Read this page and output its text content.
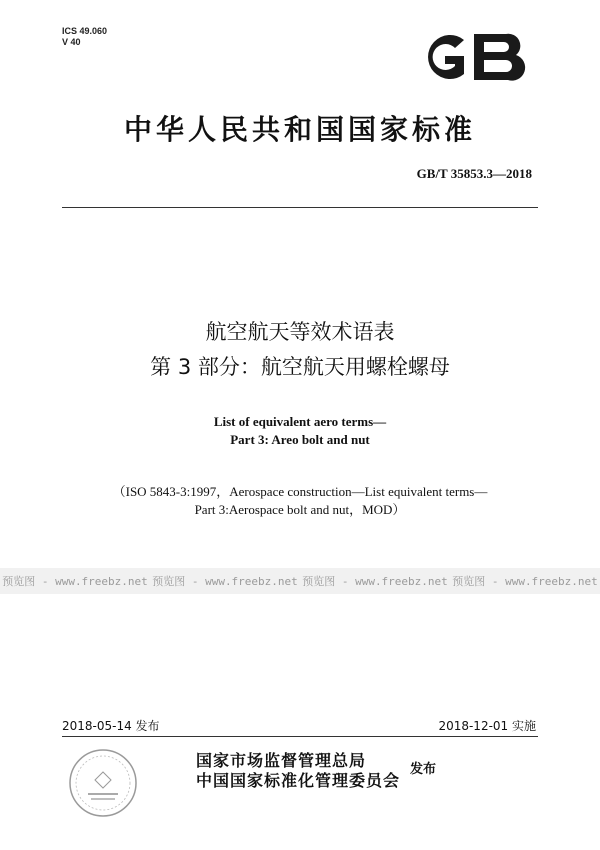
ICS 49.060
V 40
中华人民共和国国家标准
GB/T 35853.3—2018
航空航天等效术语表
第 3 部分：航空航天用螺栓螺母
List of equivalent aero terms—
Part 3: Areo bolt and nut
（ISO 5843-3:1997，Aerospace construction—List equivalent terms—
Part 3:Aerospace bolt and nut，MOD）
预览图 - www.freebz.net 预览图 - www.freebz.net 预览图 - www.freebz.net 预览图 - www.freebz.net
2018-05-14 发布	2018-12-01 实施
国家市场监督管理总局
中国国家标准化管理委员会
发布
